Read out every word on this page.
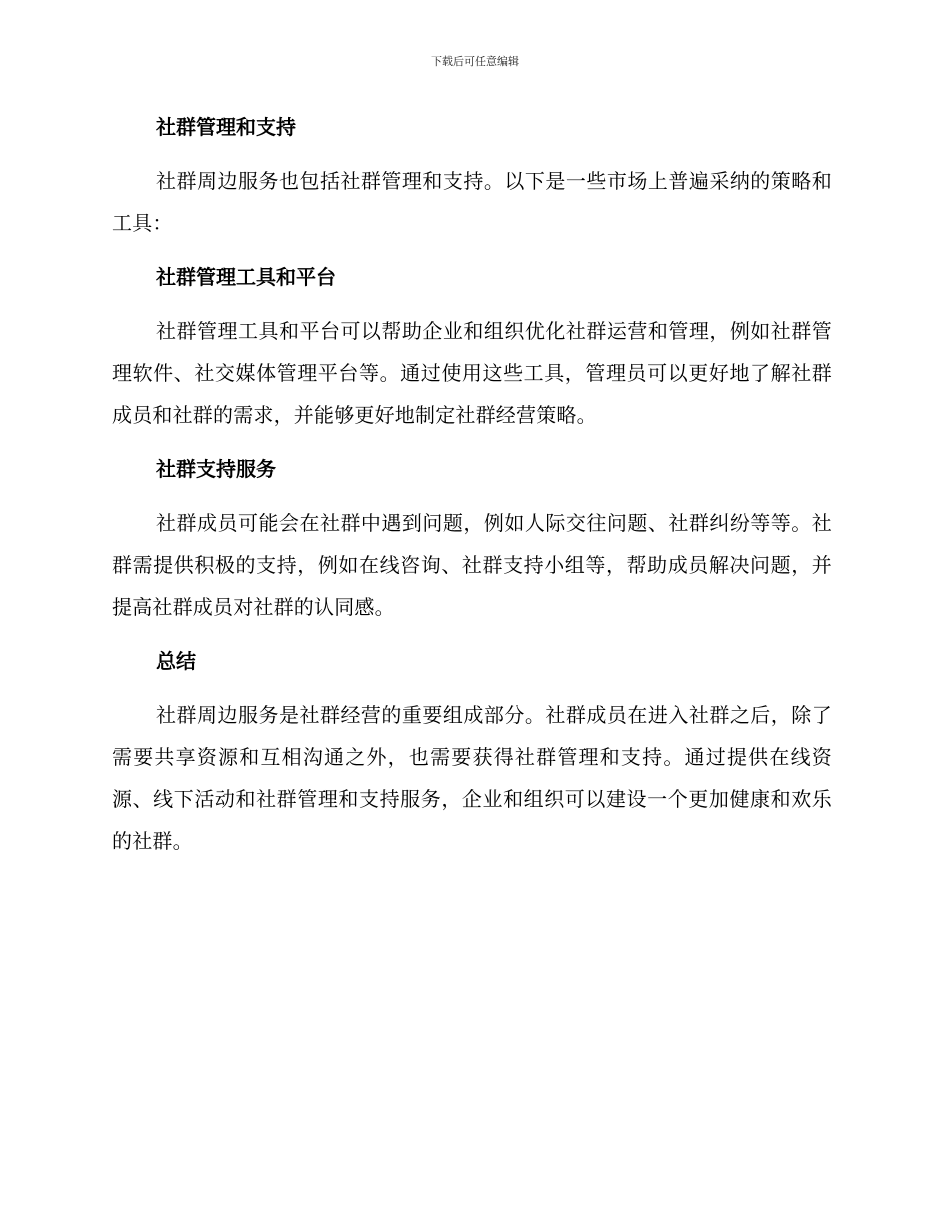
下载后可任意编辑
社群管理和支持

社群周边服务也包括社群管理和支持。以下是一些市场上普遍采纳的策略和工具：

社群管理工具和平台

社群管理工具和平台可以帮助企业和组织优化社群运营和管理，例如社群管理软件、社交媒体管理平台等。通过使用这些工具，管理员可以更好地了解社群成员和社群的需求，并能够更好地制定社群经营策略。

社群支持服务

社群成员可能会在社群中遇到问题，例如人际交往问题、社群纠纷等等。社群需提供积极的支持，例如在线咨询、社群支持小组等，帮助成员解决问题，并提高社群成员对社群的认同感。

总结

社群周边服务是社群经营的重要组成部分。社群成员在进入社群之后，除了需要共享资源和互相沟通之外，也需要获得社群管理和支持。通过提供在线资源、线下活动和社群管理和支持服务，企业和组织可以建设一个更加健康和欢乐的社群。
